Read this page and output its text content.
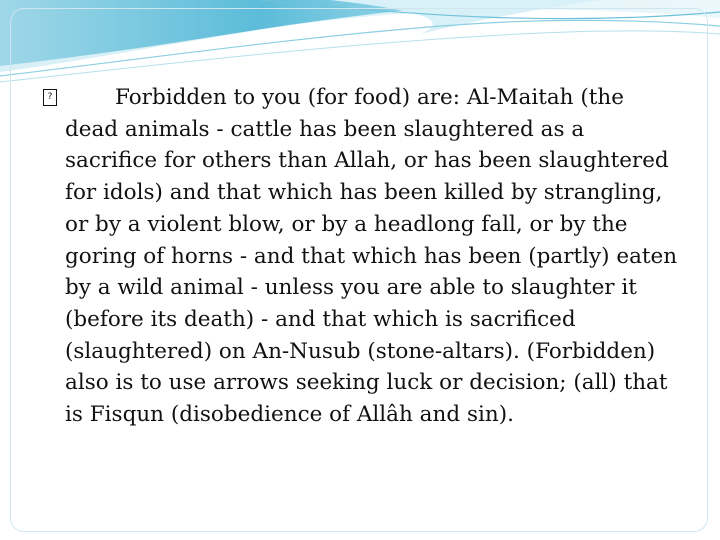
?	Forbidden to you (for food) are: Al-Maitah (the dead animals - cattle has been slaughtered as a sacrifice for others than Allah, or has been slaughtered for idols) and that which has been killed by strangling, or by a violent blow, or by a headlong fall, or by the goring of horns - and that which has been (partly) eaten by a wild animal - unless you are able to slaughter it (before its death) - and that which is sacrificed (slaughtered) on An-Nusub (stone-altars). (Forbidden) also is to use arrows seeking luck or decision; (all) that is Fisqun (disobedience of Allâh and sin).
